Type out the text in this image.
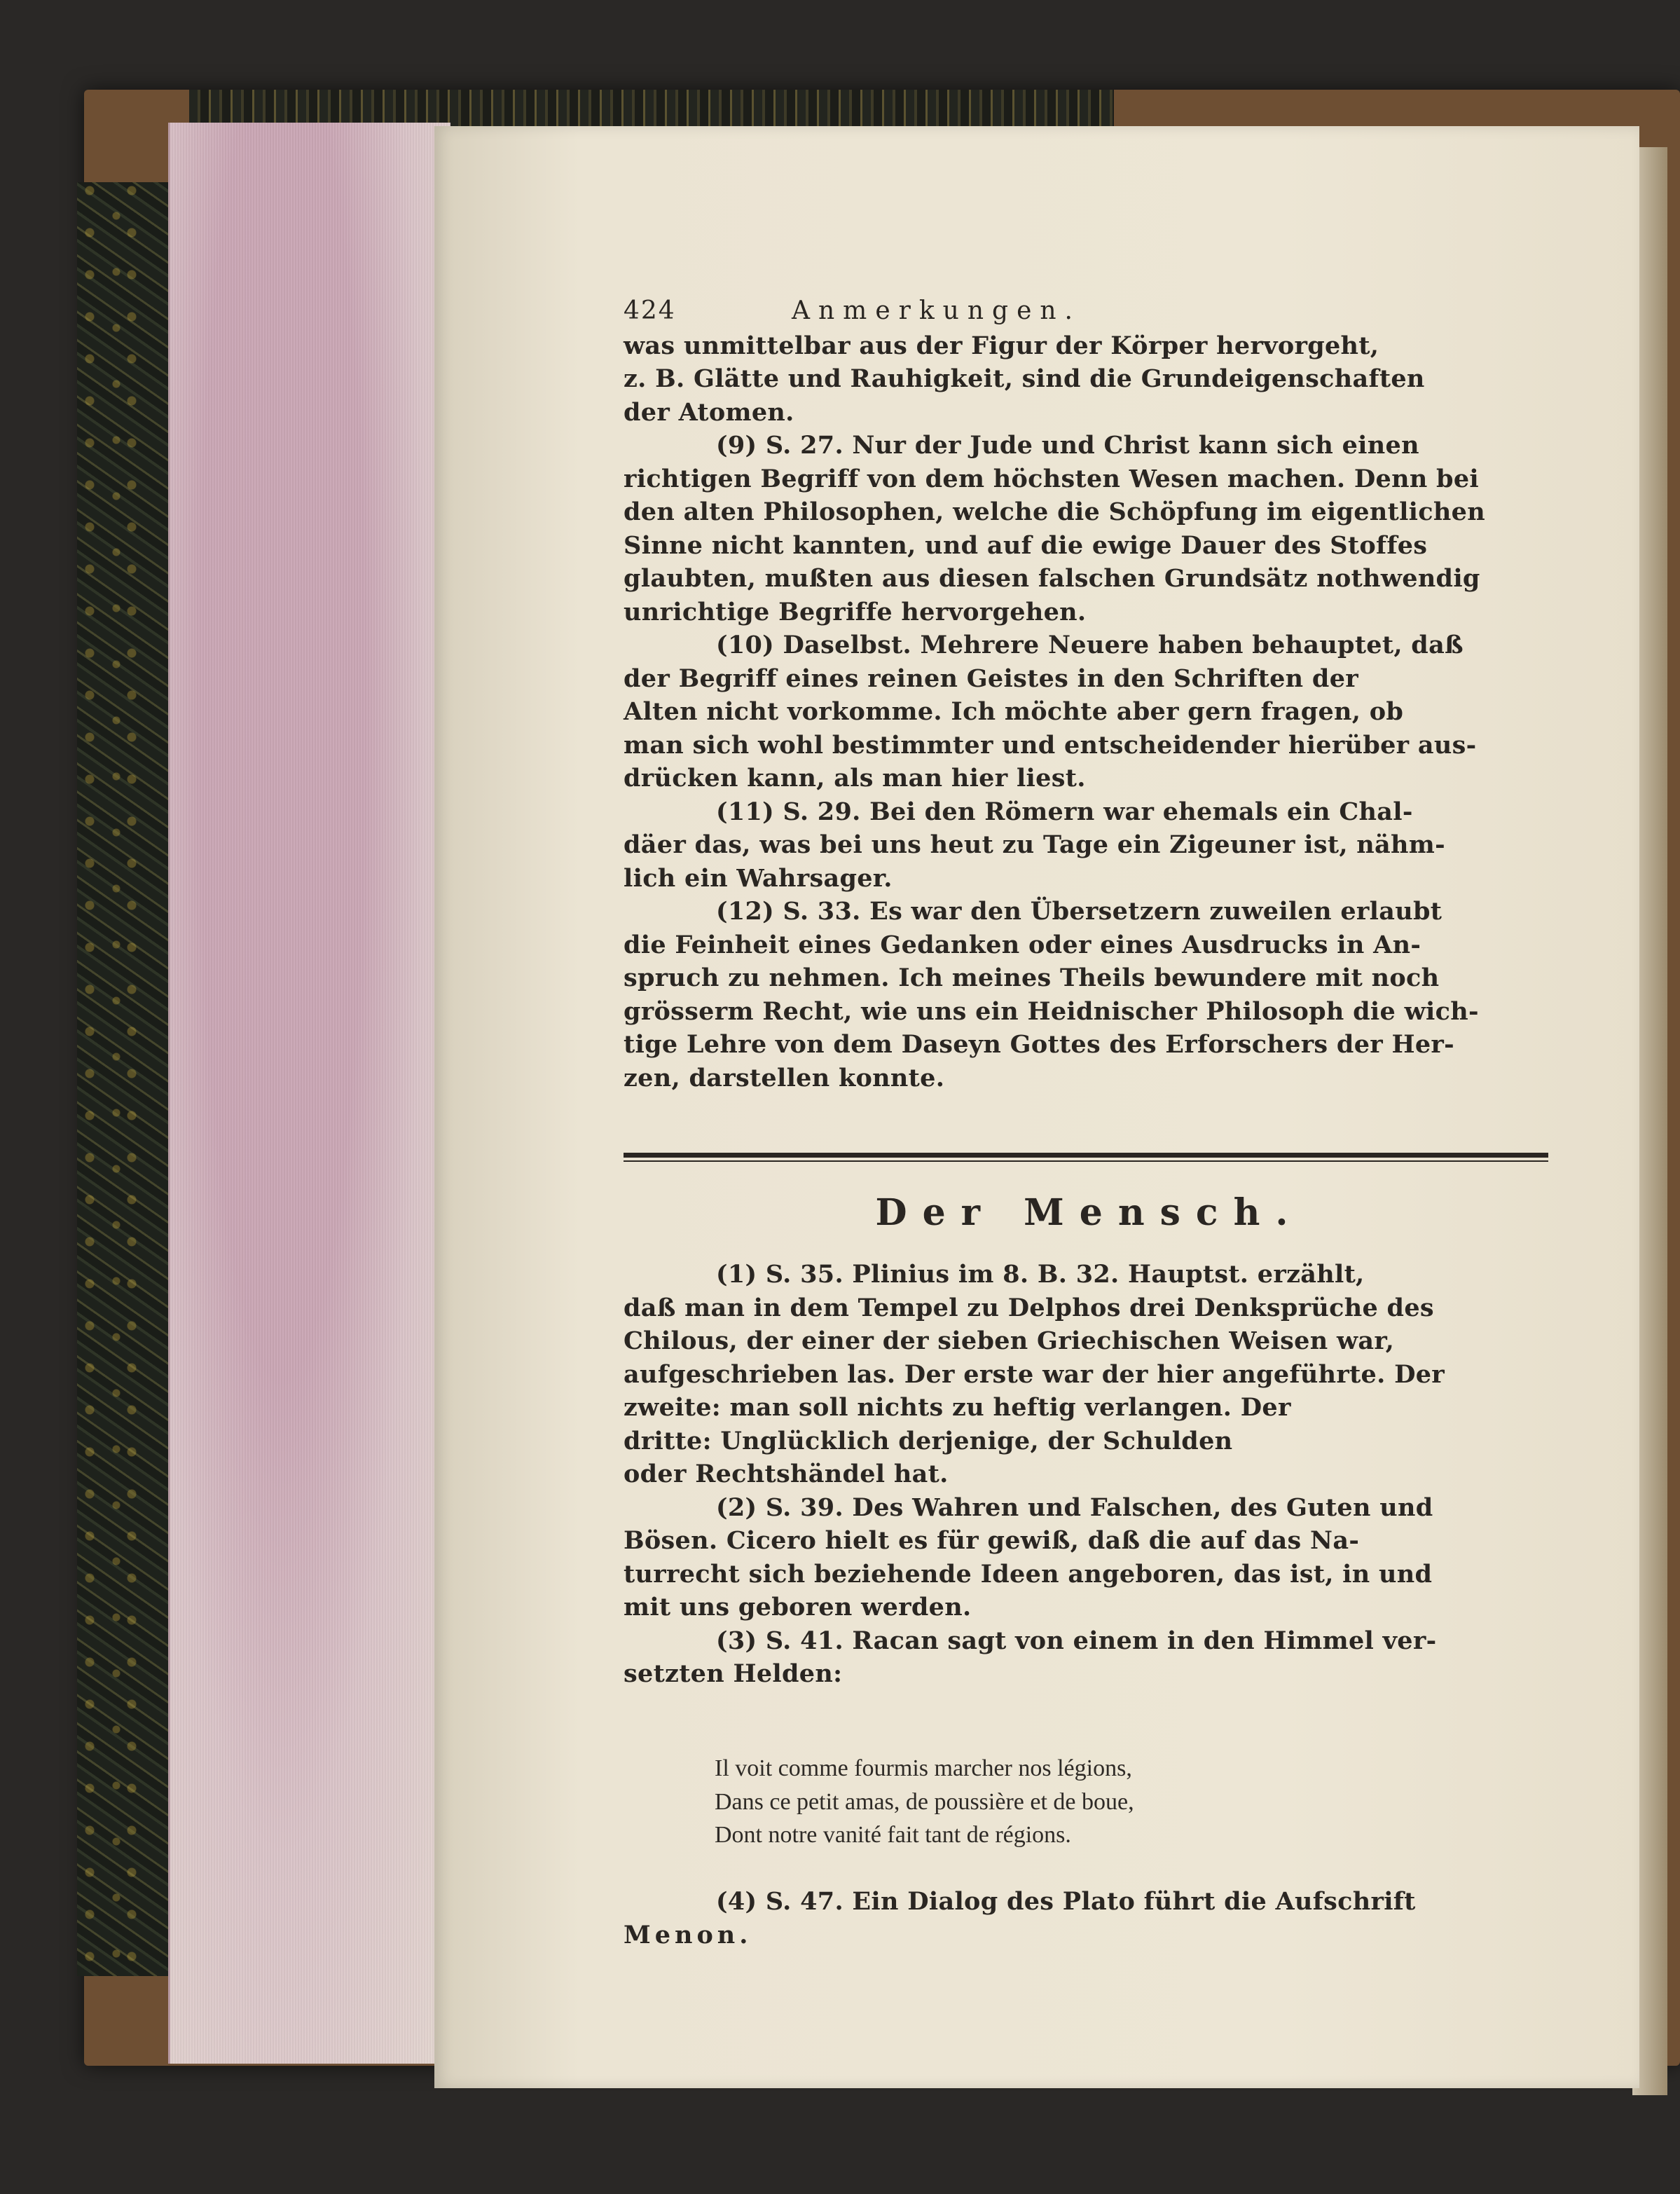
424	Anmerkungen.
was unmittelbar aus der Figur der Körper hervorgeht,
z. B. Glätte und Rauhigkeit, sind die Grundeigenschaften
der Atomen.
(9) S. 27. Nur der Jude und Christ kann sich einen
richtigen Begriff von dem höchsten Wesen machen. Denn bei
den alten Philosophen, welche die Schöpfung im eigentlichen
Sinne nicht kannten, und auf die ewige Dauer des Stoffes
glaubten, mußten aus diesen falschen Grundsätz nothwendig
unrichtige Begriffe hervorgehen.
(10) Daselbst. Mehrere Neuere haben behauptet, daß
der Begriff eines reinen Geistes in den Schriften der
Alten nicht vorkomme. Ich möchte aber gern fragen, ob
man sich wohl bestimmter und entscheidender hierüber aus-
drücken kann, als man hier liest.
(11) S. 29. Bei den Römern war ehemals ein Chal-
däer das, was bei uns heut zu Tage ein Zigeuner ist, nähm-
lich ein Wahrsager.
(12) S. 33. Es war den Übersetzern zuweilen erlaubt
die Feinheit eines Gedanken oder eines Ausdrucks in An-
spruch zu nehmen. Ich meines Theils bewundere mit noch
grösserm Recht, wie uns ein Heidnischer Philosoph die wich-
tige Lehre von dem Daseyn Gottes des Erforschers der Her-
zen, darstellen konnte.
Der Mensch.
(1) S. 35. Plinius im 8. B. 32. Hauptst. erzählt,
daß man in dem Tempel zu Delphos drei Denksprüche des
Chilous, der einer der sieben Griechischen Weisen war,
aufgeschrieben las. Der erste war der hier angeführte. Der
zweite: man soll nichts zu heftig verlangen. Der
dritte: Unglücklich derjenige, der Schulden
oder Rechtshändel hat.
(2) S. 39. Des Wahren und Falschen, des Guten und
Bösen. Cicero hielt es für gewiß, daß die auf das Na-
turrecht sich beziehende Ideen angeboren, das ist, in und
mit uns geboren werden.
(3) S. 41. Racan sagt von einem in den Himmel ver-
setzten Helden:
Il voit comme fourmis marcher nos légions,
Dans ce petit amas, de poussière et de boue,
Dont notre vanité fait tant de régions.
(4) S. 47. Ein Dialog des Plato führt die Aufschrift
Menon.
